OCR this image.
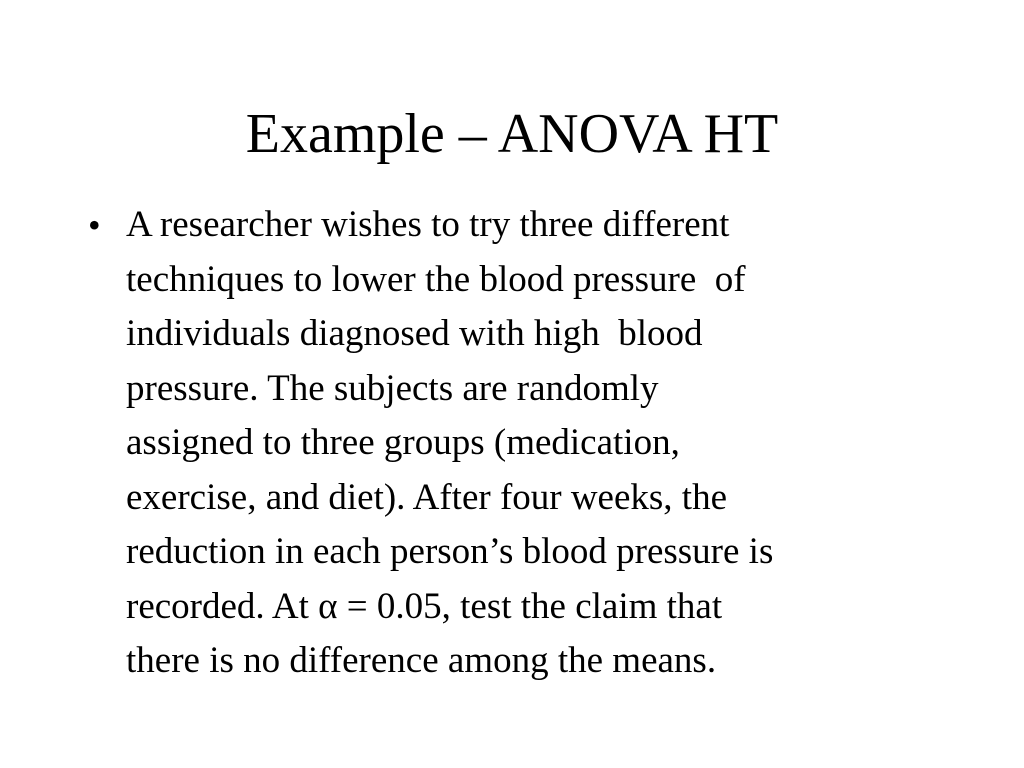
Example – ANOVA HT
• A researcher wishes to try three different
techniques to lower the blood pressure  of
individuals diagnosed with high  blood
pressure. The subjects are randomly
assigned to three groups (medication,
exercise, and diet). After four weeks, the
reduction in each person’s blood pressure is
recorded. At α = 0.05, test the claim that
there is no difference among the means.
